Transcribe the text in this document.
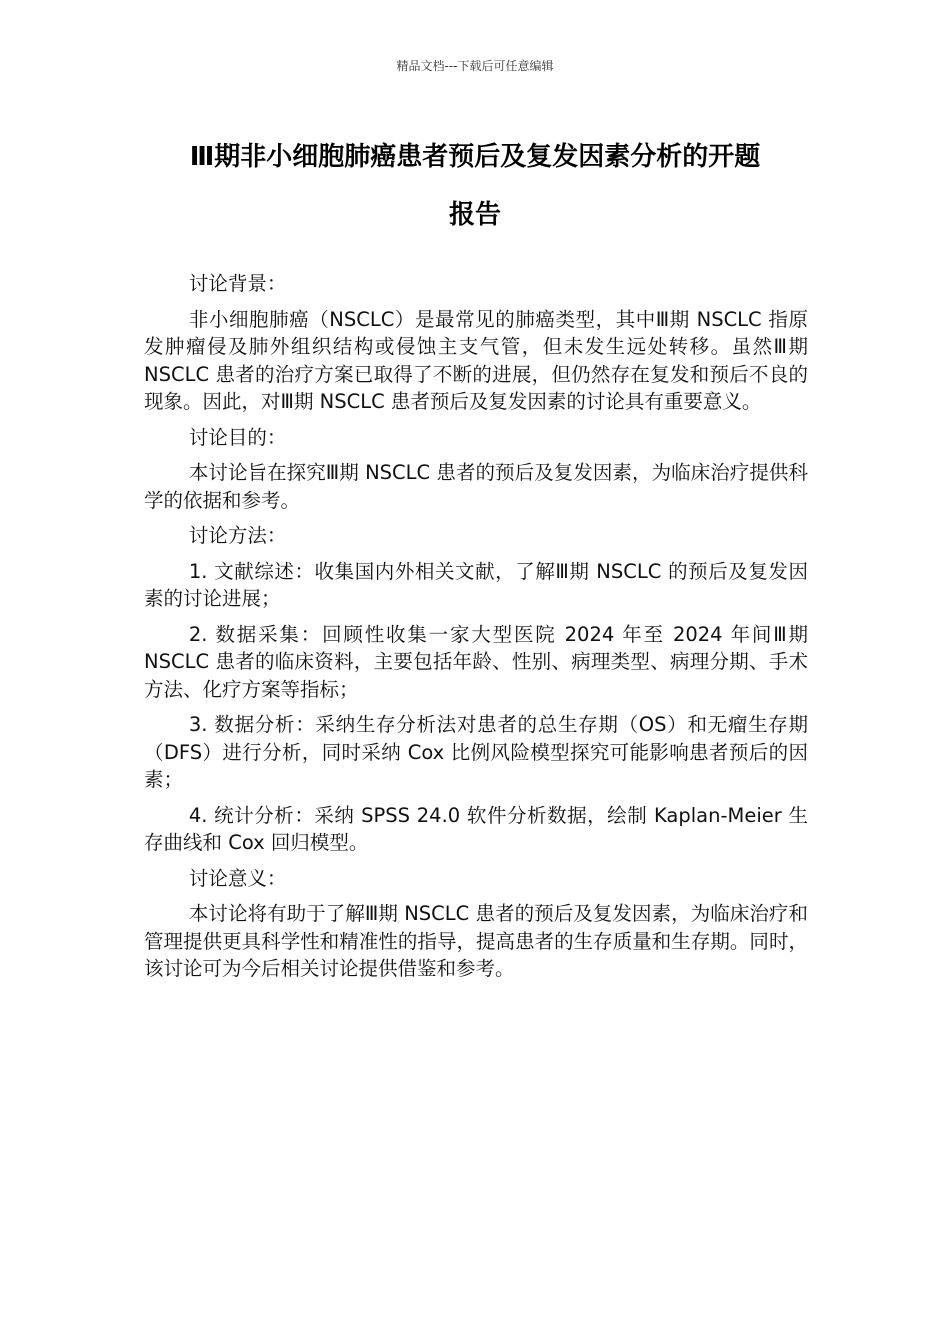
精品文档---下载后可任意编辑
Ⅲ期非小细胞肺癌患者预后及复发因素分析的开题
报告

讨论背景：

非小细胞肺癌（NSCLC）是最常见的肺癌类型，其中Ⅲ期 NSCLC 指原发肿瘤侵及肺外组织结构或侵蚀主支气管，但未发生远处转移。虽然Ⅲ期 NSCLC 患者的治疗方案已取得了不断的进展，但仍然存在复发和预后不良的现象。因此，对Ⅲ期 NSCLC 患者预后及复发因素的讨论具有重要意义。

讨论目的：

本讨论旨在探究Ⅲ期 NSCLC 患者的预后及复发因素，为临床治疗提供科学的依据和参考。

讨论方法：

1. 文献综述：收集国内外相关文献，了解Ⅲ期 NSCLC 的预后及复发因素的讨论进展；

2. 数据采集：回顾性收集一家大型医院 2024 年至 2024 年间Ⅲ期 NSCLC 患者的临床资料，主要包括年龄、性别、病理类型、病理分期、手术方法、化疗方案等指标；

3. 数据分析：采纳生存分析法对患者的总生存期（OS）和无瘤生存期（DFS）进行分析，同时采纳 Cox 比例风险模型探究可能影响患者预后的因素；

4. 统计分析：采纳 SPSS 24.0 软件分析数据，绘制 Kaplan-Meier 生存曲线和 Cox 回归模型。

讨论意义：

本讨论将有助于了解Ⅲ期 NSCLC 患者的预后及复发因素，为临床治疗和管理提供更具科学性和精准性的指导，提高患者的生存质量和生存期。同时，该讨论可为今后相关讨论提供借鉴和参考。
